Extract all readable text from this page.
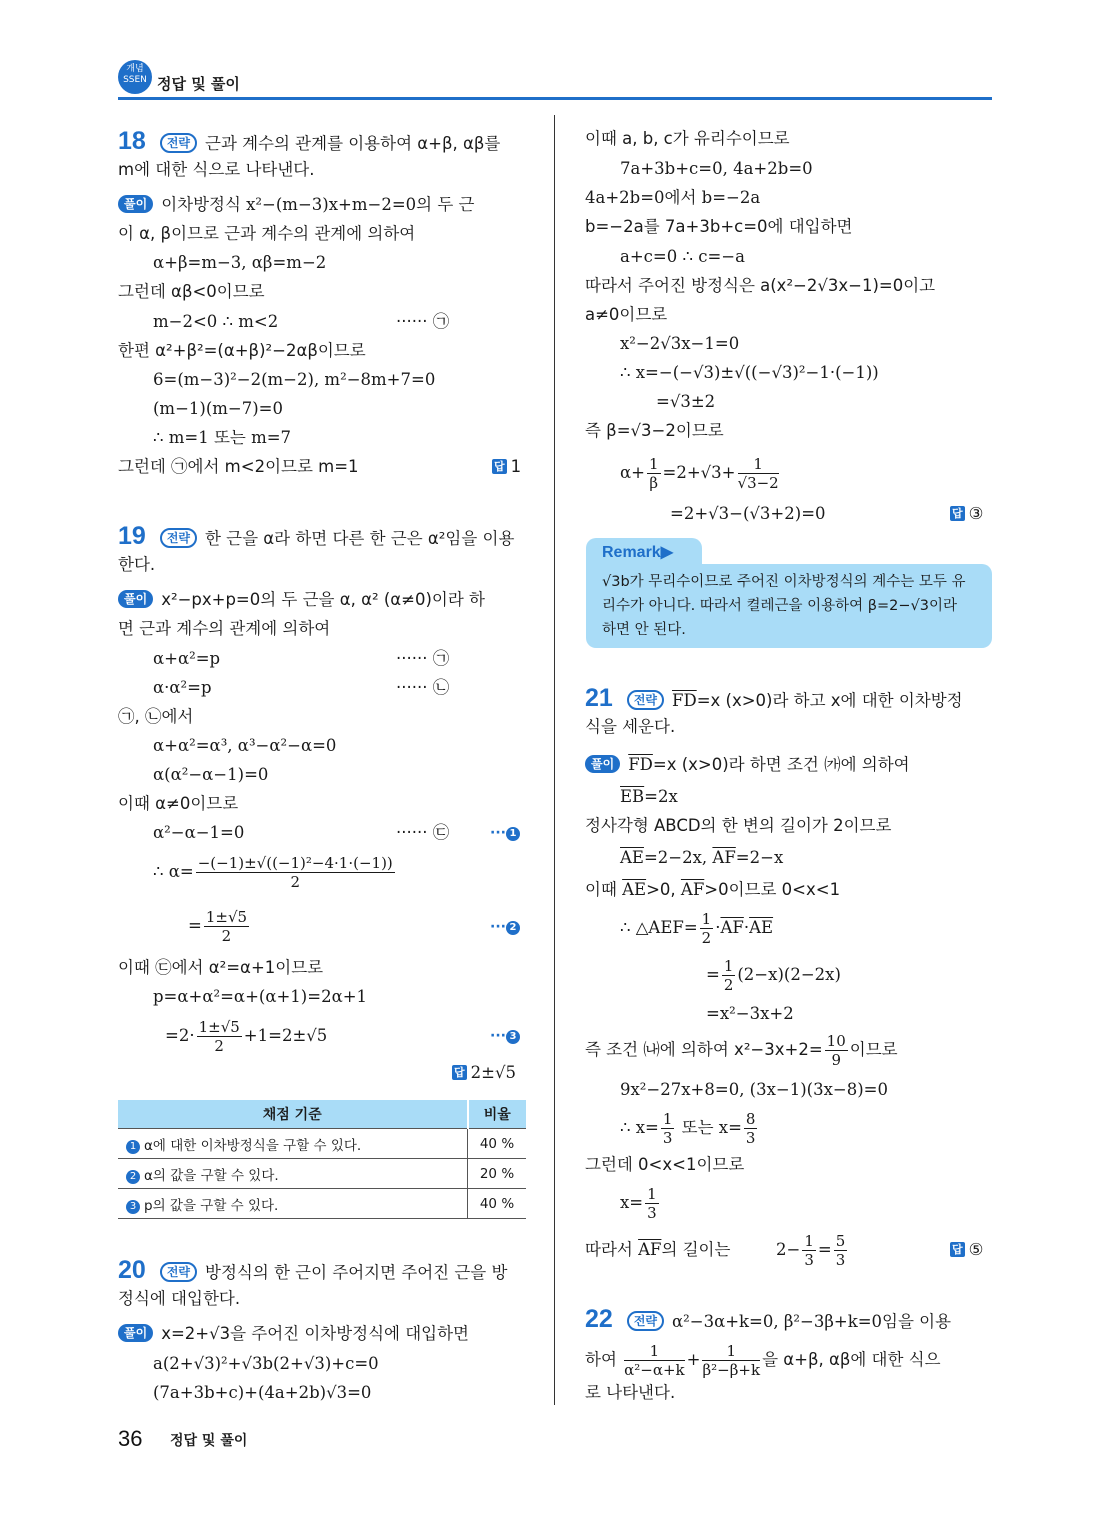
개념
SSEN 정답 및 풀이
18 전략 근과 계수의 관계를 이용하여 α+β, αβ를
m에 대한 식으로 나타낸다.
풀이 이차방정식 x²−(m−3)x+m−2=0의 두 근
이 α, β이므로 근과 계수의 관계에 의하여
α+β=m−3, αβ=m−2
그런데 αβ<0이므로
m−2<0 ∴ m<2	······ ㉠
한편 α²+β²=(α+β)²−2αβ이므로
6=(m−3)²−2(m−2), m²−8m+7=0
(m−1)(m−7)=0
∴ m=1 또는 m=7
그런데 ㉠에서 m<2이므로 m=1	답 1
19 전략 한 근을 α라 하면 다른 한 근은 α²임을 이용
한다.
풀이 x²−px+p=0의 두 근을 α, α² (α≠0)이라 하
면 근과 계수의 관계에 의하여
α+α²=p	······ ㉠
α·α²=p	······ ㉡
㉠, ㉡에서
α+α²=α³, α³−α²−α=0
α(α²−α−1)=0
이때 α≠0이므로
α²−α−1=0	······ ㉢	··· 1
∴ $\alpha= \frac{\text{−(−1)±√((−1)²−4·1·(−1))}}{2}$
= $\frac{1\pm√5}{2}$	··· 2
이때 ㉢에서 α²=α+1이므로
p=α+α²=α+(α+1)=2α+1
$=2\cdot \frac{1\pm√5}{2} +1=2\pm√5$	··· 3
답 2±√5
채점 기준	비율
1 α에 대한 이차방정식을 구할 수 있다.	40 %
2 α의 값을 구할 수 있다.	20 %
3 p의 값을 구할 수 있다.	40 %
20 전략 방정식의 한 근이 주어지면 주어진 근을 방
정식에 대입한다.
풀이 x=2+√3을 주어진 이차방정식에 대입하면
a(2+√3)²+√3b(2+√3)+c=0
(7a+3b+c)+(4a+2b)√3=0
36 정답 및 풀이
이때 a, b, c가 유리수이므로
7a+3b+c=0, 4a+2b=0
4a+2b=0에서 b=−2a
b=−2a를 7a+3b+c=0에 대입하면
a+c=0 ∴ c=−a
따라서 주어진 방정식은 a(x²−2√3x−1)=0이고
a≠0이므로
x²−2√3x−1=0
∴ x=−(−√3)±√((−√3)²−1·(−1))
=√3±2
즉 β=√3−2이므로
$\alpha+ \frac{1}{\beta} =2+√3+ \frac{1}{√3-2}$
=2+√3−(√3+2)=0	답 ③
Remark▶
√3b가 무리수이므로 주어진 이차방정식의 계수는 모두 유
리수가 아니다. 따라서 켤레근을 이용하여 β=2−√3이라
하면 안 된다.
21 전략 $\overline{FD}=x$ (x>0)라 하고 x에 대한 이차방정
식을 세운다.
풀이 $\overline{FD}=x$ (x>0)라 하면 조건 ㈎에 의하여
$\overline{EB}=2x$
정사각형 ABCD의 한 변의 길이가 2이므로
$\overline{AE}=2-2x$, $\overline{AF}=2-x$
이때 $\overline{AE}>0$, $\overline{AF}>0$이므로 0<x<1
∴ △AEF= $\frac{1}{2} \cdot\overline{AF}\cdot\overline{AE}$
= $\frac{1}{2} (2-x)(2-2x)$
=x²−3x+2
즉 조건 ㈏에 의하여 $x^2-3x+2= \frac{10}{9}$ 이므로
9x²−27x+8=0, (3x−1)(3x−8)=0
∴ $x= \frac{1}{3}$ 또는 $x= \frac{8}{3}$
그런데 0<x<1이므로
$x= \frac{1}{3}$
따라서 $\overline{AF}$의 길이는	$2- \frac{1}{3} = \frac{5}{3}$	답 ⑤
22 전략 α²−3α+k=0, β²−3β+k=0임을 이용
하여 $\frac{1}{\text{α²−α+k}} + \frac{1}{\text{β²−β+k}}$ 을 α+β, αβ에 대한 식으
로 나타낸다.
